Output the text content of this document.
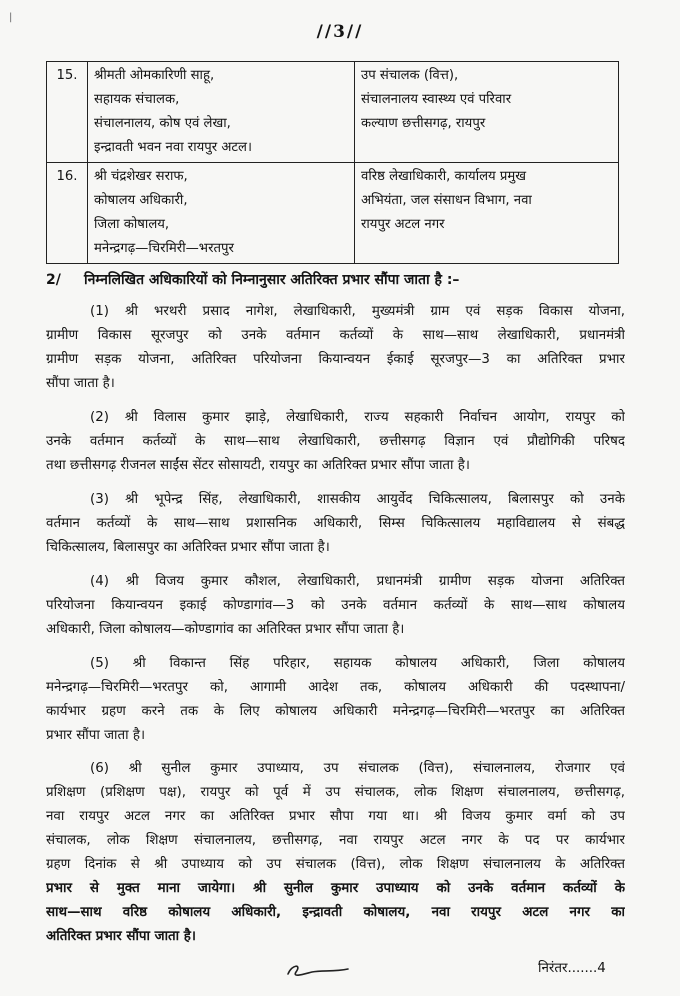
|
//3//
15.	श्रीमती ओमकारिणी साहू,
सहायक संचालक,
संचालनालय, कोष एवं लेखा,
इन्द्रावती भवन नवा रायपुर अटल।	उप संचालक (वित्त),
संचालनालय स्वास्थ्य एवं परिवार
कल्याण छत्तीसगढ़, रायपुर

16.	श्री चंद्रशेखर सराफ,
कोषालय अधिकारी,
जिला कोषालय,
मनेन्द्रगढ़—चिरमिरी—भरतपुर	वरिष्ठ लेखाधिकारी, कार्यालय प्रमुख
अभियंता, जल संसाधन विभाग, नवा
रायपुर अटल नगर
2/ निम्नलिखित अधिकारियों को निम्नानुसार अतिरिक्त प्रभार सौंपा जाता है :–
(1) श्री भरथरी प्रसाद नागेश, लेखाधिकारी, मुख्यमंत्री ग्राम एवं सड़क विकास योजना,
ग्रामीण विकास सूरजपुर को उनके वर्तमान कर्तव्यों के साथ—साथ लेखाधिकारी, प्रधानमंत्री
ग्रामीण सड़क योजना, अतिरिक्त परियोजना कियान्वयन ईकाई सूरजपुर—3 का अतिरिक्त प्रभार
सौंपा जाता है।
(2) श्री विलास कुमार झाड़े, लेखाधिकारी, राज्य सहकारी निर्वाचन आयोग, रायपुर को
उनके वर्तमान कर्तव्यों के साथ—साथ लेखाधिकारी, छत्तीसगढ़ विज्ञान एवं प्रौद्योगिकी परिषद
तथा छत्तीसगढ़ रीजनल साईंस सेंटर सोसायटी, रायपुर का अतिरिक्त प्रभार सौंपा जाता है।
(3) श्री भूपेन्द्र सिंह, लेखाधिकारी, शासकीय आयुर्वेद चिकित्सालय, बिलासपुर को उनके
वर्तमान कर्तव्यों के साथ—साथ प्रशासनिक अधिकारी, सिम्स चिकित्सालय महाविद्यालय से संबद्ध
चिकित्सालय, बिलासपुर का अतिरिक्त प्रभार सौंपा जाता है।
(4) श्री विजय कुमार कौशल, लेखाधिकारी, प्रधानमंत्री ग्रामीण सड़क योजना अतिरिक्त
परियोजना कियान्वयन इकाई कोण्डागांव—3 को उनके वर्तमान कर्तव्यों के साथ—साथ कोषालय
अधिकारी, जिला कोषालय—कोण्डागांव का अतिरिक्त प्रभार सौंपा जाता है।
(5) श्री विकान्त सिंह परिहार, सहायक कोषालय अधिकारी, जिला कोषालय
मनेन्द्रगढ़—चिरमिरी—भरतपुर को, आगामी आदेश तक, कोषालय अधिकारी की पदस्थापना/
कार्यभार ग्रहण करने तक के लिए कोषालय अधिकारी मनेन्द्रगढ़—चिरमिरी—भरतपुर का अतिरिक्त
प्रभार सौंपा जाता है।
(6) श्री सुनील कुमार उपाध्याय, उप संचालक (वित्त), संचालनालय, रोजगार एवं
प्रशिक्षण (प्रशिक्षण पक्ष), रायपुर को पूर्व में उप संचालक, लोक शिक्षण संचालनालय, छत्तीसगढ़,
नवा रायपुर अटल नगर का अतिरिक्त प्रभार सौपा गया था। श्री विजय कुमार वर्मा को उप
संचालक, लोक शिक्षण संचालनालय, छत्तीसगढ़, नवा रायपुर अटल नगर के पद पर कार्यभार
ग्रहण दिनांक से श्री उपाध्याय को उप संचालक (वित्त), लोक शिक्षण संचालनालय के अतिरिक्त
प्रभार से मुक्त माना जायेगा। श्री सुनील कुमार उपाध्याय को उनके वर्तमान कर्तव्यों के
साथ—साथ वरिष्ठ कोषालय अधिकारी, इन्द्रावती कोषालय, नवा रायपुर अटल नगर का
अतिरिक्त प्रभार सौंपा जाता है।
निरंतर.......4
